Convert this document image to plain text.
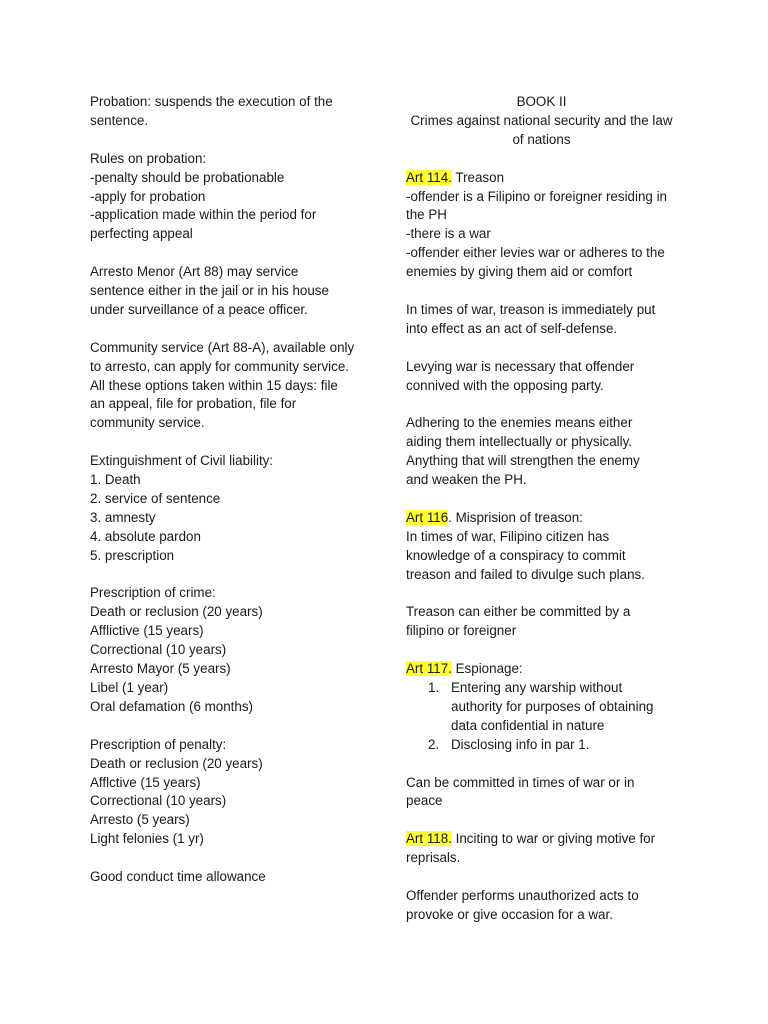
Probation: suspends the execution of the
sentence.
Rules on probation:
-penalty should be probationable
-apply for probation
-application made within the period for
perfecting appeal
Arresto Menor (Art 88) may service
sentence either in the jail or in his house
under surveillance of a peace officer.
Community service (Art 88-A), available only
to arresto, can apply for community service.
All these options taken within 15 days: file
an appeal, file for probation, file for
community service.
Extinguishment of Civil liability:
1. Death
2. service of sentence
3. amnesty
4. absolute pardon
5. prescription
Prescription of crime:
Death or reclusion (20 years)
Afflictive (15 years)
Correctional (10 years)
Arresto Mayor (5 years)
Libel (1 year)
Oral defamation (6 months)
Prescription of penalty:
Death or reclusion (20 years)
Afflctive (15 years)
Correctional (10 years)
Arresto (5 years)
Light felonies (1 yr)
Good conduct time allowance
BOOK II
Crimes against national security and the law
of nations
Art 114. Treason
-offender is a Filipino or foreigner residing in
the PH
-there is a war
-offender either levies war or adheres to the
enemies by giving them aid or comfort
In times of war, treason is immediately put
into effect as an act of self-defense.
Levying war is necessary that offender
connived with the opposing party.
Adhering to the enemies means either
aiding them intellectually or physically.
Anything that will strengthen the enemy
and weaken the PH.
Art 116. Misprision of treason:
In times of war, Filipino citizen has
knowledge of a conspiracy to commit
treason and failed to divulge such plans.
Treason can either be committed by a
filipino or foreigner
Art 117. Espionage:
1. Entering any warship without
authority for purposes of obtaining
data confidential in nature
2. Disclosing info in par 1.
Can be committed in times of war or in
peace
Art 118. Inciting to war or giving motive for
reprisals.
Offender performs unauthorized acts to
provoke or give occasion for a war.
